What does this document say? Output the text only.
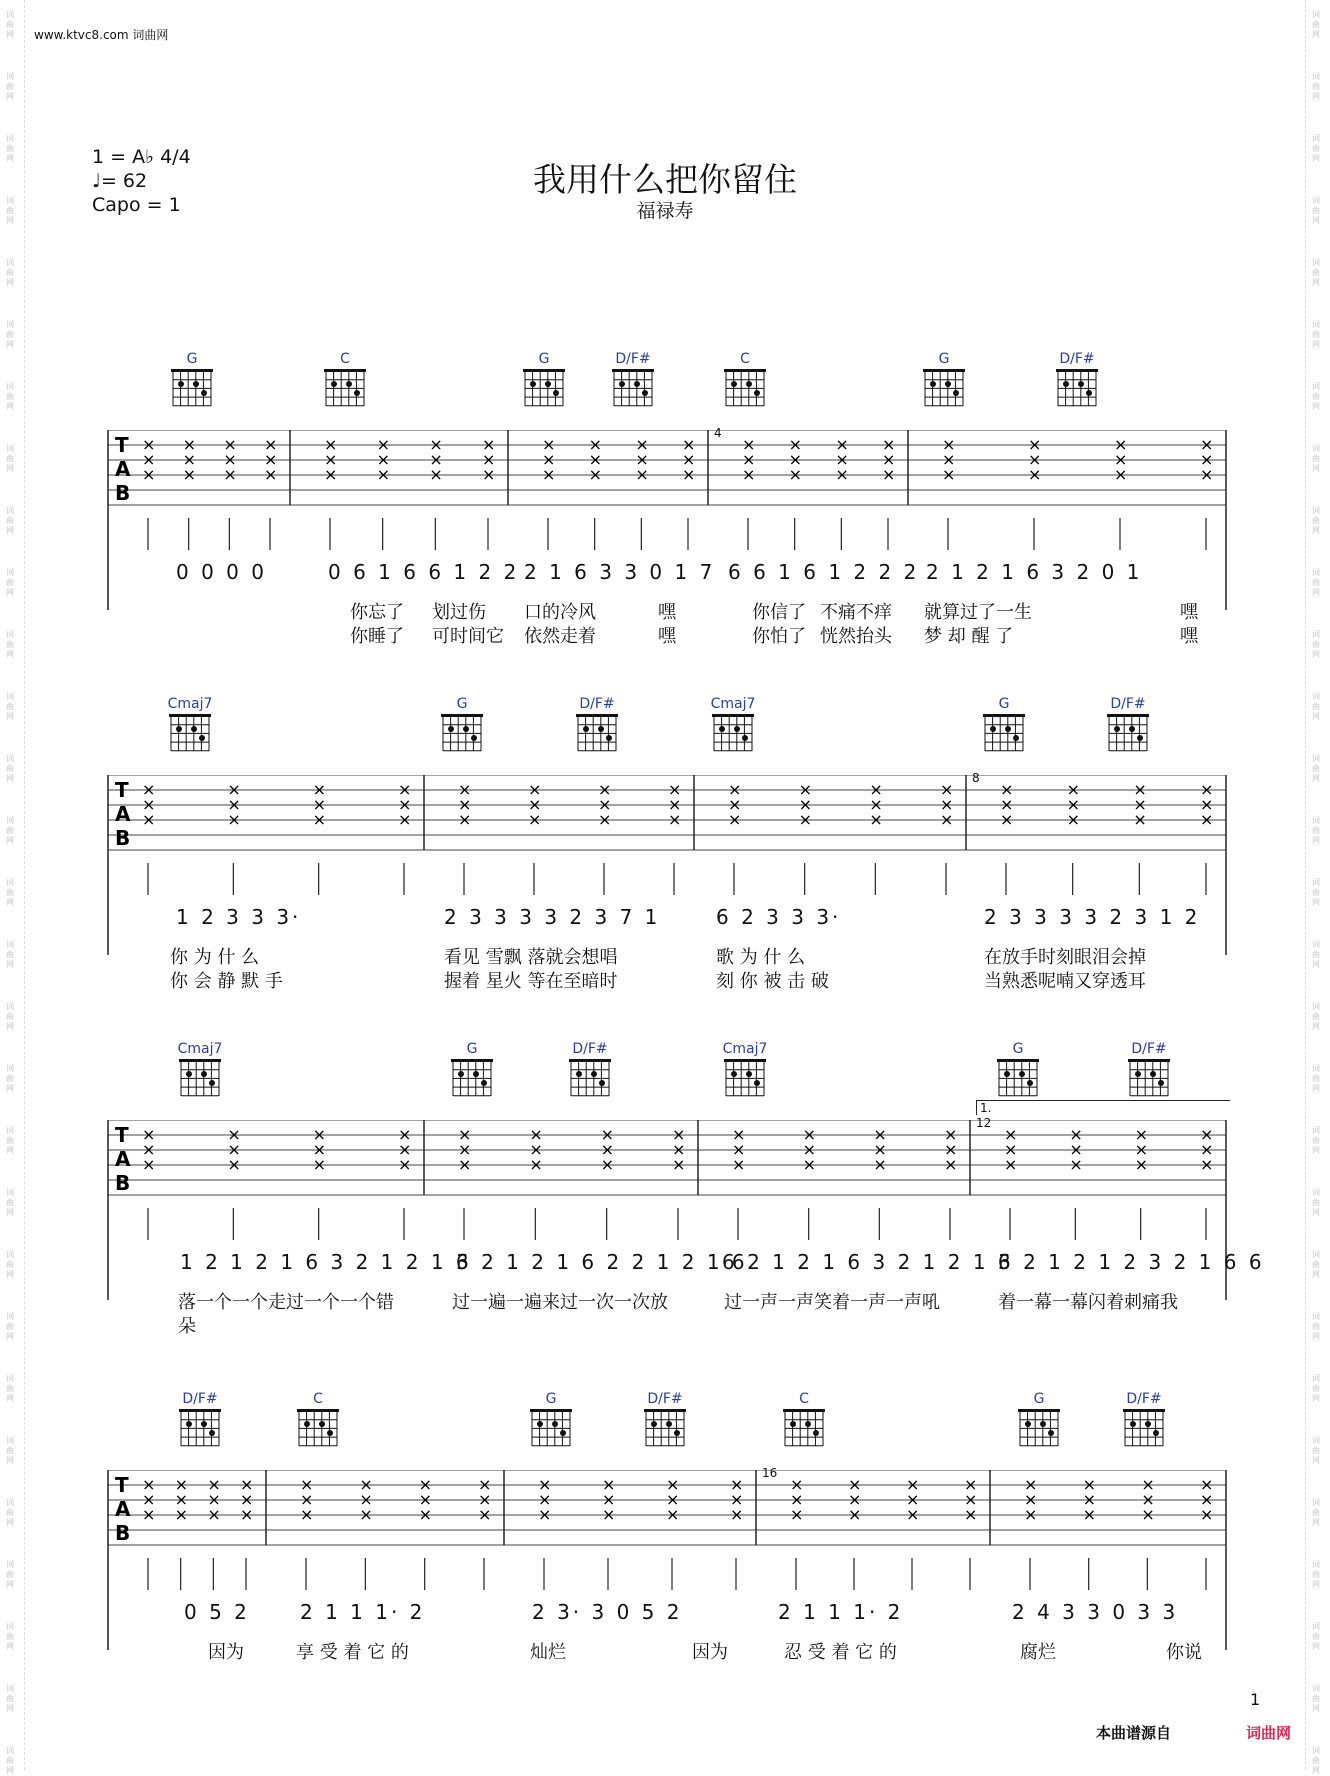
词曲网
词曲网
词曲网
词曲网
词曲网
词曲网
词曲网
词曲网
词曲网
词曲网
词曲网
词曲网
词曲网
词曲网
词曲网
词曲网
词曲网
词曲网
词曲网
词曲网
词曲网
词曲网
词曲网
词曲网
词曲网
词曲网
词曲网
词曲网
词曲网
词曲网
词曲网
词曲网
词曲网
词曲网
词曲网
词曲网
词曲网
词曲网
词曲网
词曲网
词曲网
词曲网
词曲网
词曲网
词曲网
词曲网
词曲网
词曲网
词曲网
词曲网
词曲网
词曲网
词曲网
词曲网
词曲网
词曲网
词曲网
词曲网
www.ktvc8.com 词曲网
1 = A♭ 4/4
♩= 62
Capo = 1
我用什么把你留住
福禄寿
G	C	G	D/F#	C	G	D/F#
T
A
B
×
×
×
×
×
×
×
×
×
×
×
×
×
×
×
×
×
×
×
×
×
×
×
×
×
×
×
×
×
×
×
×
×
×
×
×
×
×
×
×
×
×
×
×
×
×
×
×
×
×
×
×
×
×
×
×
×
×
×
×
4
0 0 0 0	0 6 1 6 6 1 2 2 2 1 6 3 3 0 1 7 6 6 1 6 1 2 2 2 2 1 2 1 6 3 2 0 1
你忘了 划过伤 口的冷风	嘿	你信了 不痛不痒 就算过了一生	嘿
你睡了 可时间它 依然走着	嘿	你怕了 恍然抬头 梦 却 醒 了	嘿
Cmaj7	G	D/F#	Cmaj7	G	D/F#
T
A
B
×
×
×
×
×
×
×
×
×
×
×
×
×
×
×
×
×
×
×
×
×
×
×
×
×
×
×
×
×
×
×
×
×
×
×
×
×
×
×
×
×
×
×
×
×
×
×
×
8
1 2 3 3 3·	2 3 3 3 3 2 3 7 1	6 2 3 3 3·	2 3 3 3 3 2 3 1 2
你 为 什 么	看见 雪飘 落就会想唱	歌 为 什 么	在放手时刻眼泪会掉
你 会 静 默 手	握着 星火 等在至暗时	刻 你 被 击 破	当熟悉呢喃又穿透耳
Cmaj7	G	D/F#	Cmaj7	G	D/F#
T
A
B
×
×
×
×
×
×
×
×
×
×
×
×
×
×
×
×
×
×
×
×
×
×
×
×
×
×
×
×
×
×
×
×
×
×
×
×
×
×
×
×
×
×
×
×
×
×
×
×
12
1.
1 2 1 2 1 6 3 2 1 2 1 6
3 2 1 2 1 6 2 2 1 2 1 6
6 2 1 2 1 6 3 2 1 2 1 6
3 2 1 2 1 2 3 2 1 6 6
落一个一个走过一个一个错	过一遍一遍来过一次一次放	过一声一声笑着一声一声吼	着一幕一幕闪着刺痛我
朵
D/F#	C	G	D/F#	C	G	D/F#
T
A
B
×
×
×
×
×
×
×
×
×
×
×
×
×
×
×
×
×
×
×
×
×
×
×
×
×
×
×
×
×
×
×
×
×
×
×
×
×
×
×
×
×
×
×
×
×
×
×
×
×
×
×
×
×
×
×
×
×
×
×
×
16
0 5 2	2 1 1 1· 2	2 3· 3 0 5 2	2 1 1 1· 2	2 4 3 3 0 3 3
因为	享 受 着 它 的	灿烂	因为	忍 受 着 它 的	腐烂	你说
1
本曲谱源自	词曲网
